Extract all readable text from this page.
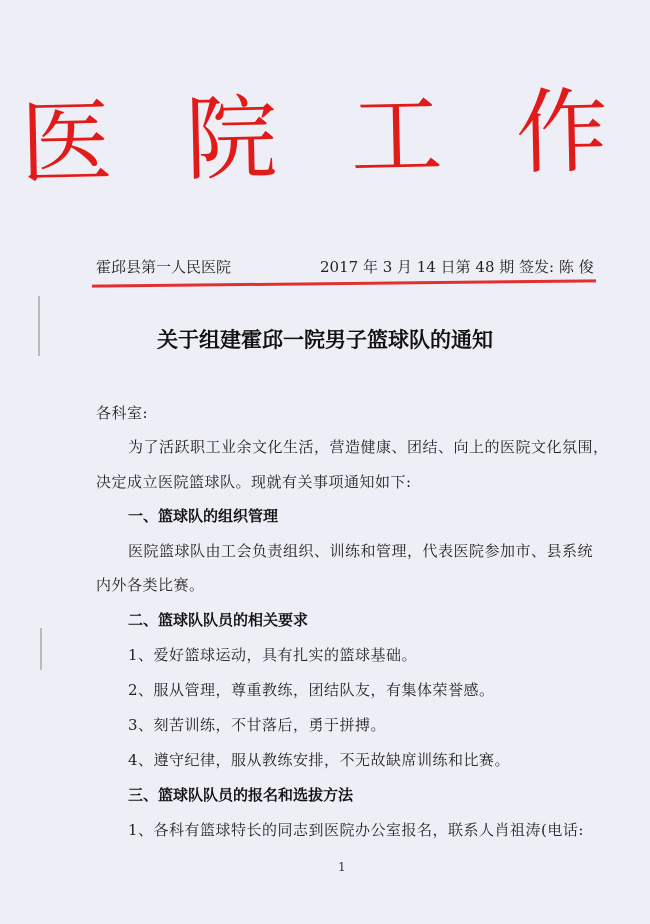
医 院 工 作
霍邱县第一人民医院	2017 年 3 月 14 日第 48 期 签发: 陈 俊
关于组建霍邱一院男子篮球队的通知
各科室:
为了活跃职工业余文化生活，营造健康、团结、向上的医院文化氛围，
决定成立医院篮球队。现就有关事项通知如下:
一、篮球队的组织管理
医院篮球队由工会负责组织、训练和管理，代表医院参加市、县系统
内外各类比赛。
二、篮球队队员的相关要求
1、爱好篮球运动，具有扎实的篮球基础。
2、服从管理，尊重教练，团结队友，有集体荣誉感。
3、刻苦训练，不甘落后，勇于拼搏。
4、遵守纪律，服从教练安排，不无故缺席训练和比赛。
三、篮球队队员的报名和选拔方法
1、各科有篮球特长的同志到医院办公室报名，联系人肖祖涛(电话:
1
